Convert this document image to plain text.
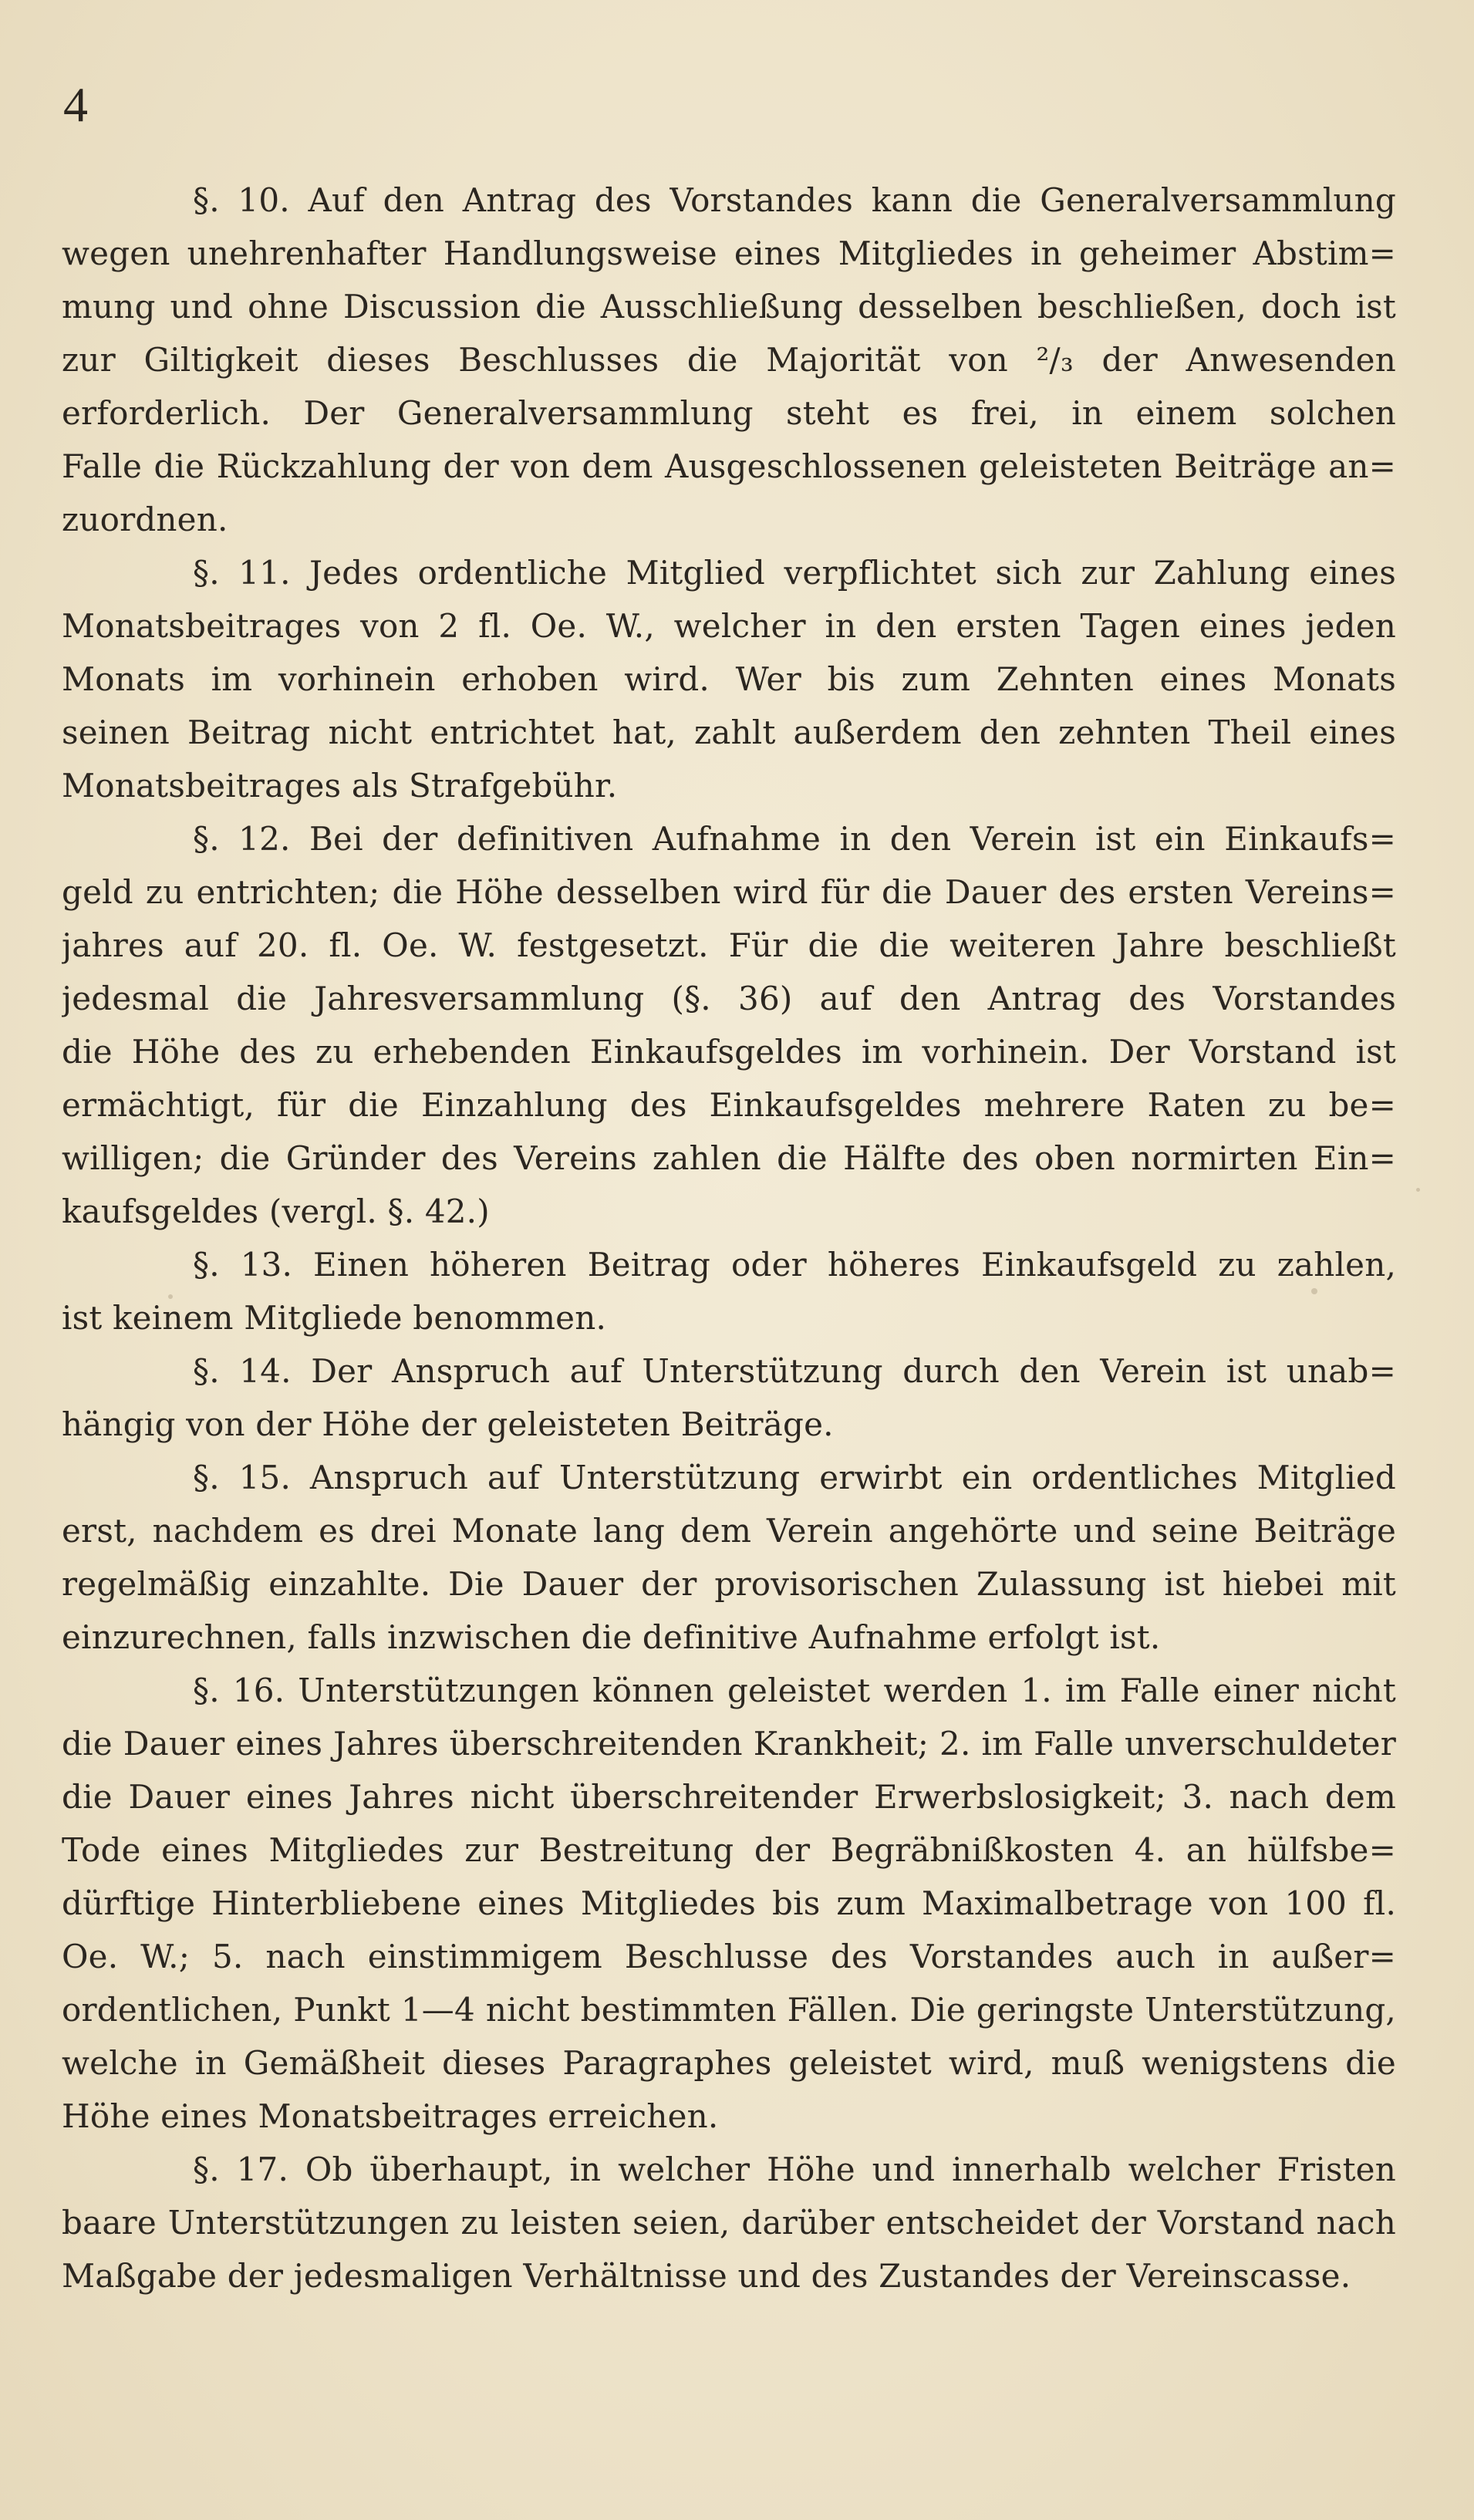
4
§. 10. Auf den Antrag des Vorstandes kann die Generalversammlung
wegen unehrenhafter Handlungsweise eines Mitgliedes in geheimer Abstim=
mung und ohne Discussion die Ausschließung desselben beschließen, doch ist
zur Giltigkeit dieses Beschlusses die Majorität von ²/₃ der Anwesenden
erforderlich. Der Generalversammlung steht es frei, in einem solchen
Falle die Rückzahlung der von dem Ausgeschlossenen geleisteten Beiträge an=
zuordnen.
§. 11. Jedes ordentliche Mitglied verpflichtet sich zur Zahlung eines
Monatsbeitrages von 2 fl. Oe. W., welcher in den ersten Tagen eines jeden
Monats im vorhinein erhoben wird. Wer bis zum Zehnten eines Monats
seinen Beitrag nicht entrichtet hat, zahlt außerdem den zehnten Theil eines
Monatsbeitrages als Strafgebühr.
§. 12. Bei der definitiven Aufnahme in den Verein ist ein Einkaufs=
geld zu entrichten; die Höhe desselben wird für die Dauer des ersten Vereins=
jahres auf 20. fl. Oe. W. festgesetzt. Für die die weiteren Jahre beschließt
jedesmal die Jahresversammlung (§. 36) auf den Antrag des Vorstandes
die Höhe des zu erhebenden Einkaufsgeldes im vorhinein. Der Vorstand ist
ermächtigt, für die Einzahlung des Einkaufsgeldes mehrere Raten zu be=
willigen; die Gründer des Vereins zahlen die Hälfte des oben normirten Ein=
kaufsgeldes (vergl. §. 42.)
§. 13. Einen höheren Beitrag oder höheres Einkaufsgeld zu zahlen,
ist keinem Mitgliede benommen.
§. 14. Der Anspruch auf Unterstützung durch den Verein ist unab=
hängig von der Höhe der geleisteten Beiträge.
§. 15. Anspruch auf Unterstützung erwirbt ein ordentliches Mitglied
erst, nachdem es drei Monate lang dem Verein angehörte und seine Beiträge
regelmäßig einzahlte. Die Dauer der provisorischen Zulassung ist hiebei mit
einzurechnen, falls inzwischen die definitive Aufnahme erfolgt ist.
§. 16. Unterstützungen können geleistet werden 1. im Falle einer nicht
die Dauer eines Jahres überschreitenden Krankheit; 2. im Falle unverschuldeter
die Dauer eines Jahres nicht überschreitender Erwerbslosigkeit; 3. nach dem
Tode eines Mitgliedes zur Bestreitung der Begräbnißkosten 4. an hülfsbe=
dürftige Hinterbliebene eines Mitgliedes bis zum Maximalbetrage von 100 fl.
Oe. W.; 5. nach einstimmigem Beschlusse des Vorstandes auch in außer=
ordentlichen, Punkt 1—4 nicht bestimmten Fällen. Die geringste Unterstützung,
welche in Gemäßheit dieses Paragraphes geleistet wird, muß wenigstens die
Höhe eines Monatsbeitrages erreichen.
§. 17. Ob überhaupt, in welcher Höhe und innerhalb welcher Fristen
baare Unterstützungen zu leisten seien, darüber entscheidet der Vorstand nach
Maßgabe der jedesmaligen Verhältnisse und des Zustandes der Vereinscasse.
